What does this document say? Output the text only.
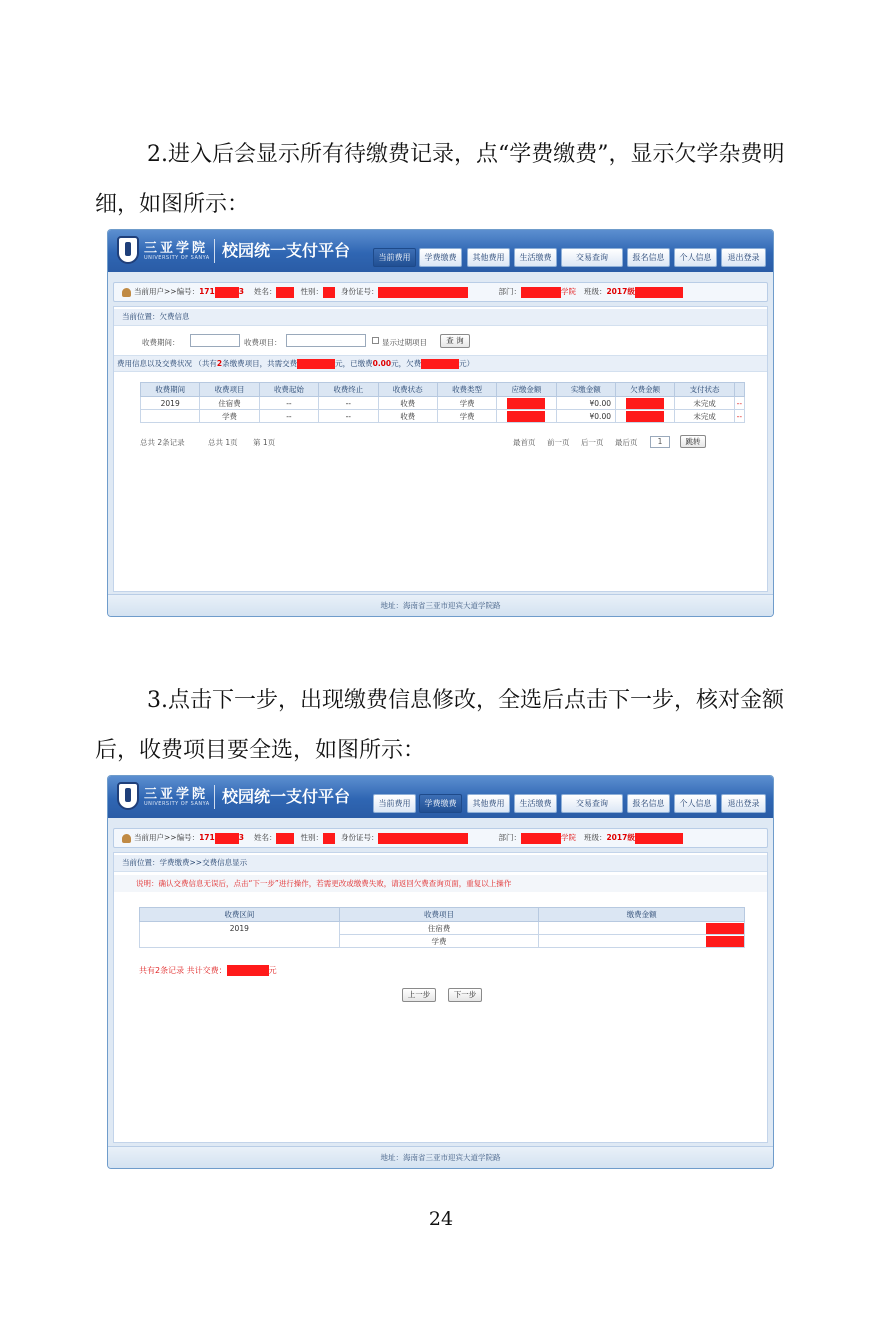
2.进入后会显示所有待缴费记录，点“学费缴费”，显示欠学杂费明细，如图所示：
三亚学院
UNIVERSITY OF SANYA 校园统一支付平台	当前费用	学费缴费	其他费用	生活缴费	交易查询	报名信息	个人信息	退出登录
当前用户>>编号：171	3 姓名：	性别： 身份证号：	部门：	学院 班级：2017级
当前位置：欠费信息
收费期间：	收费项目：	显示过期项目	查 询
费用信息以及交费状况 （共有2条缴费项目，共需交费	元，已缴费0.00元，欠费	元）
收费期间	收费项目	收费起始	收费终止	收费状态	收费类型	应缴金额	实缴金额	欠费金额	支付状态	
2019	住宿费	--	--	收费	学费		¥0.00		未完成	--
	学费	--	--	收费	学费		¥0.00		未完成	--
总共 2条记录	总共 1页 第 1页	最首页 前一页 后一页 最后页	1	跳转
地址：海南省三亚市迎宾大道学院路
3.点击下一步，出现缴费信息修改，全选后点击下一步，核对金额后，收费项目要全选，如图所示：
三亚学院
UNIVERSITY OF SANYA 校园统一支付平台	当前费用	学费缴费	其他费用	生活缴费	交易查询	报名信息	个人信息	退出登录
当前用户>>编号：171	3 姓名：	性别： 身份证号：	部门：	学院 班级：2017级
当前位置：学费缴费>>交费信息显示
说明：确认交费信息无误后，点击“下一步”进行操作，若需更改或缴费失败，请返回欠费查询页面，重复以上操作
收费区间	收费项目	缴费金额
2019	住宿费	
	学费	
共有2条记录 共计交费：	元
上一步	下一步
地址：海南省三亚市迎宾大道学院路
24
